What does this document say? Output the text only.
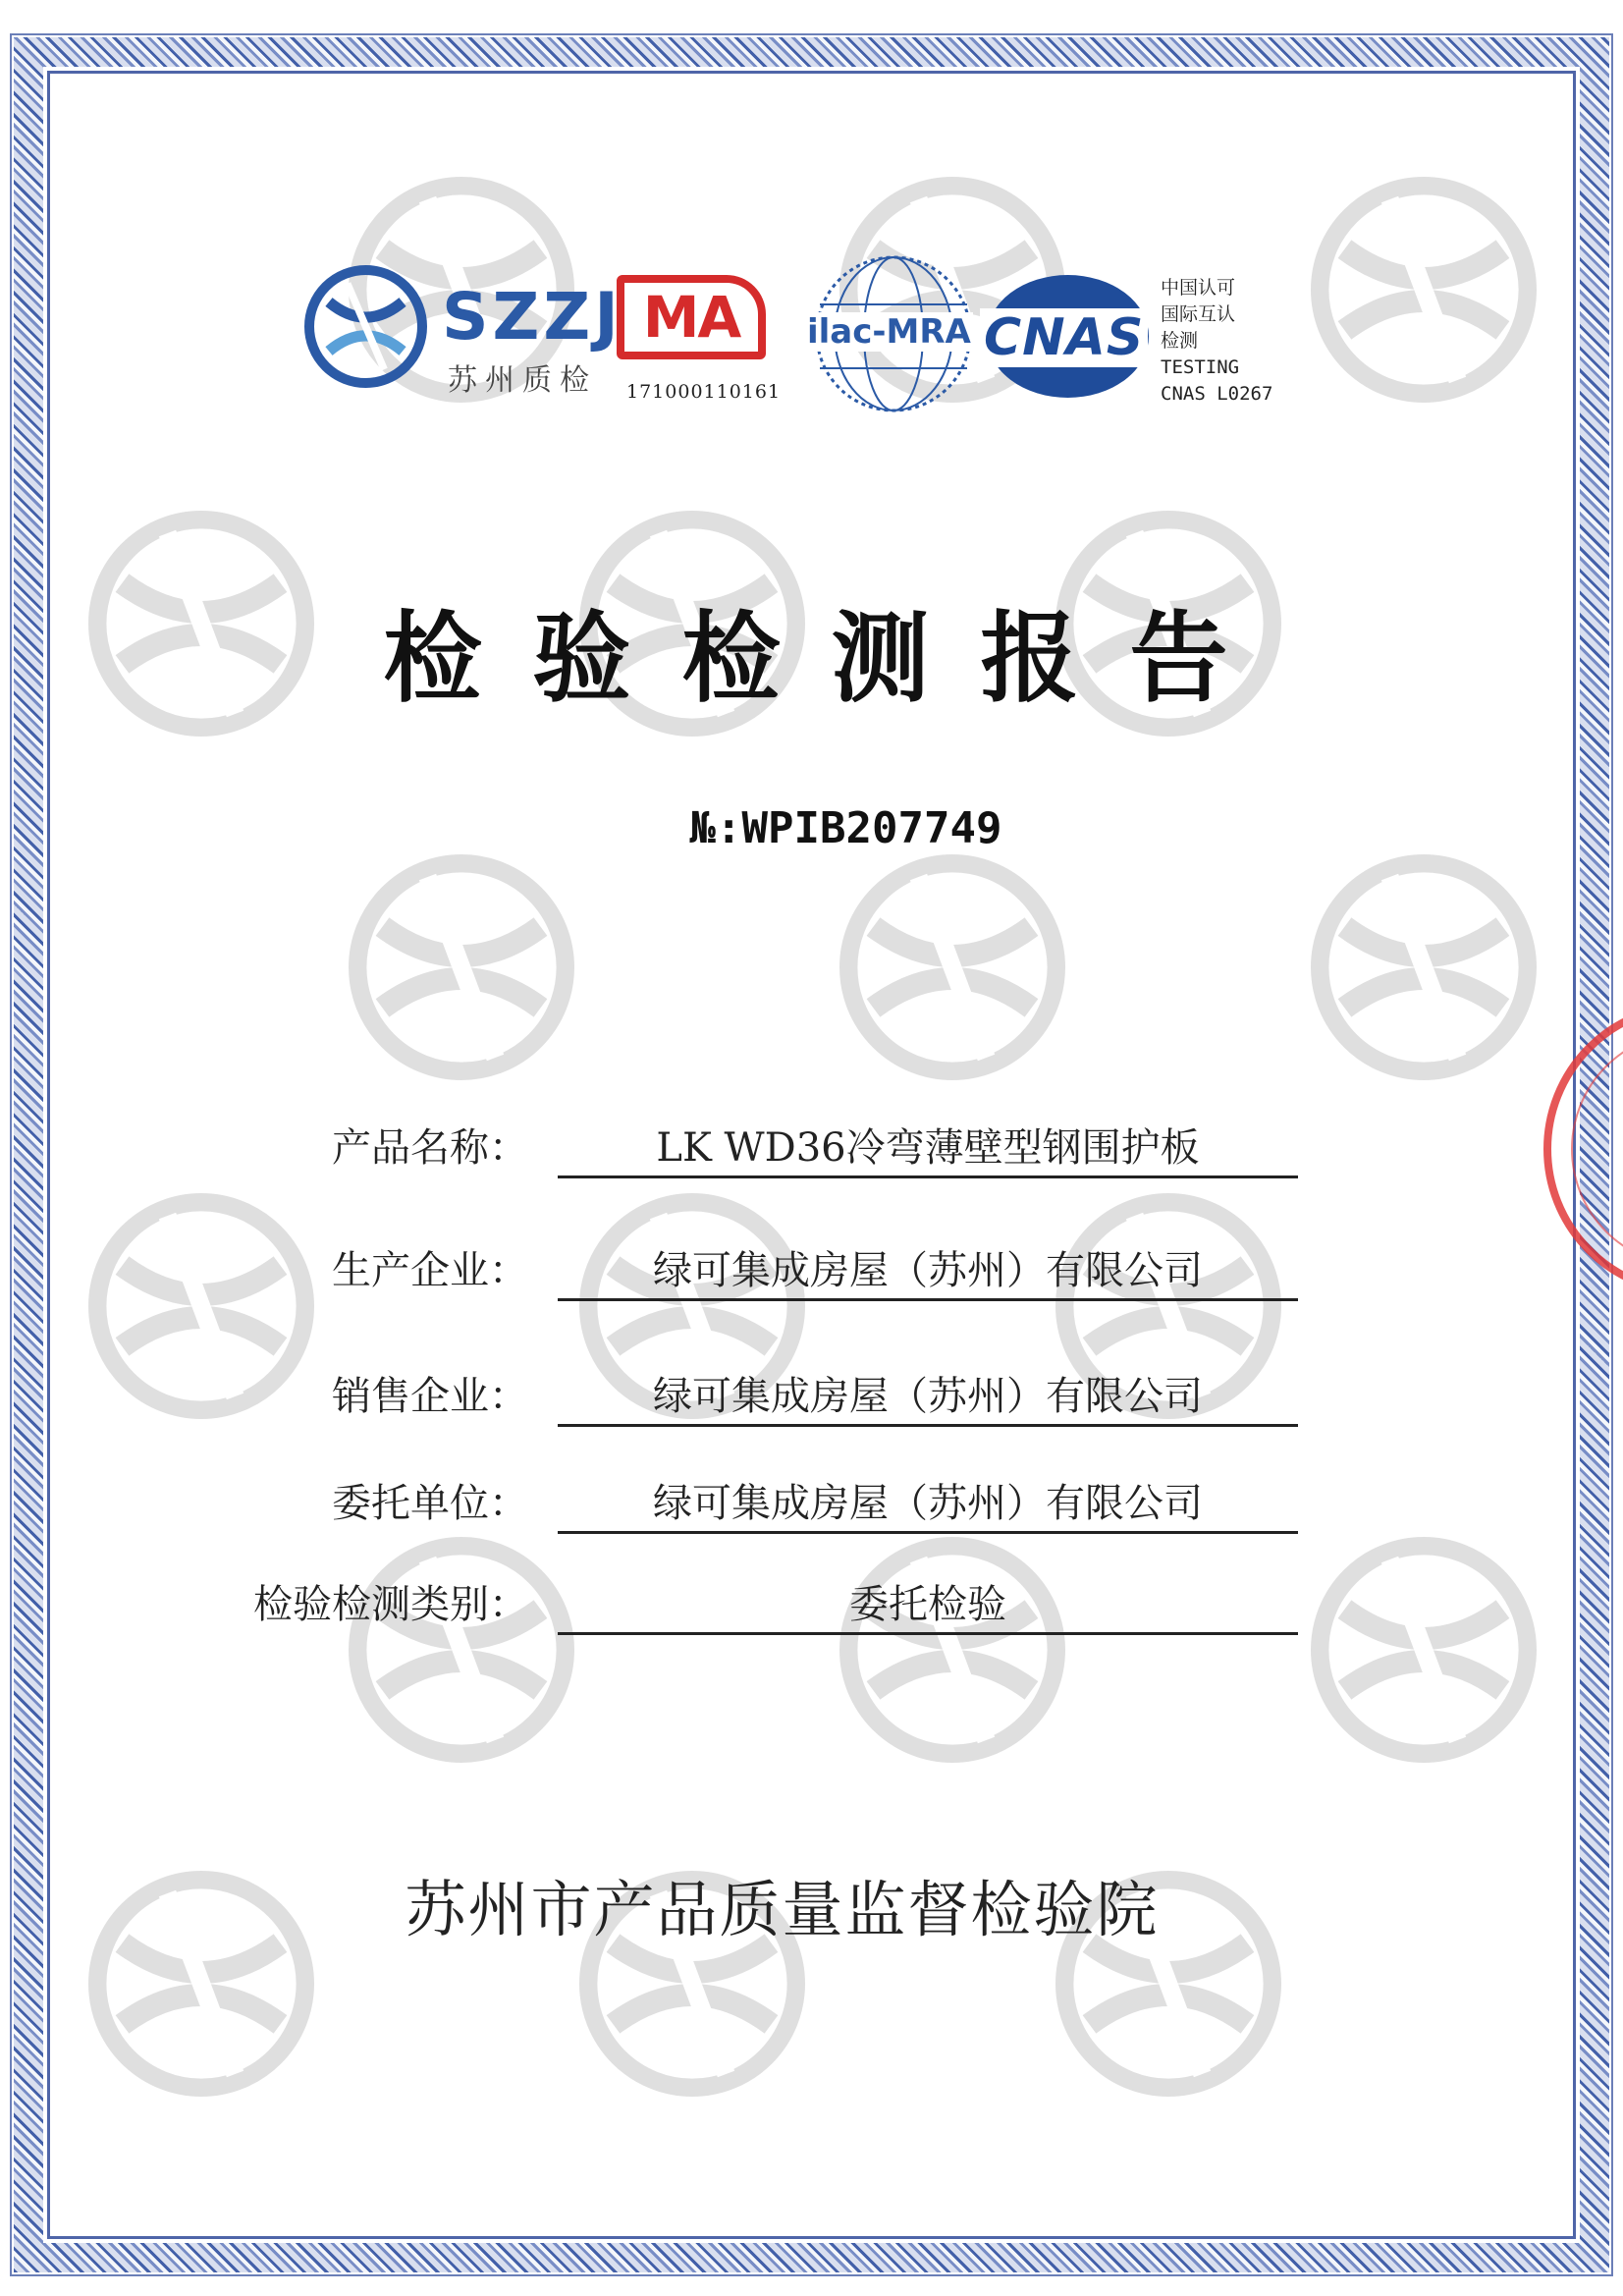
SZZJ
苏州质检
MA
171000110161
ilac-MRA CNAS
中国认可
国际互认
检测
TESTING
CNAS L0267
检验检测报告
№:WPIB207749
产品名称：	LK WD36冷弯薄壁型钢围护板
生产企业：	绿可集成房屋（苏州）有限公司
销售企业：	绿可集成房屋（苏州）有限公司
委托单位：	绿可集成房屋（苏州）有限公司
检验检测类别：	委托检验
苏州市产品质量监督检验院
